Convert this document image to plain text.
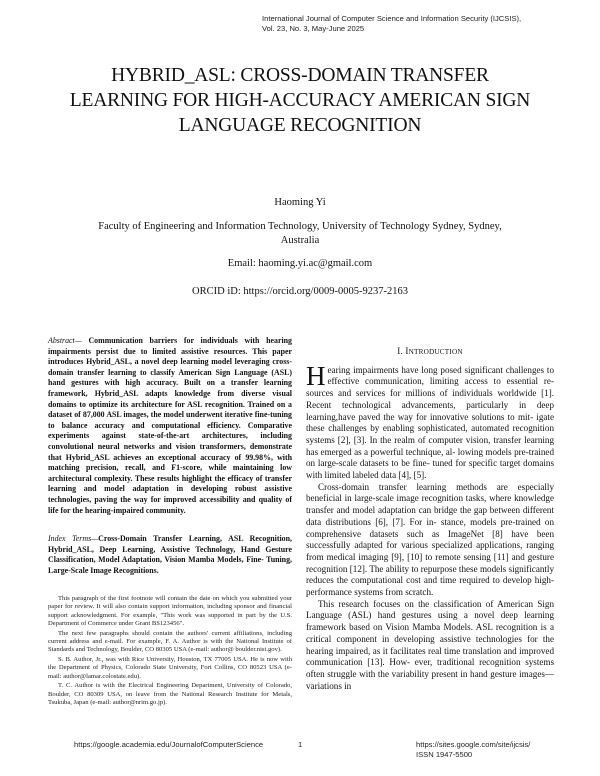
International Journal of Computer Science and Information Security (IJCSIS),
Vol. 23, No. 3, May-June 2025
HYBRID_ASL: CROSS-DOMAIN TRANSFER LEARNING FOR HIGH-ACCURACY AMERICAN SIGN LANGUAGE RECOGNITION
Haoming Yi
Faculty of Engineering and Information Technology, University of Technology Sydney, Sydney, Australia
Email: haoming.yi.ac@gmail.com
ORCID iD: https://orcid.org/0009-0005-9237-2163

Abstract— Communication barriers for individuals with hearing impairments persist due to limited assistive resources. This paper introduces Hybrid_ASL, a novel deep learning model leveraging cross-domain transfer learning to classify American Sign Language (ASL) hand gestures with high accuracy. Built on a transfer learning framework, Hybrid_ASL adapts knowledge from diverse visual domains to optimize its architecture for ASL recognition. Trained on a dataset of 87,000 ASL images, the model underwent iterative fine-tuning to balance accuracy and computational efficiency. Comparative experiments against state-of-the-art architectures, including convolutional neural networks and vision transformers, demonstrate that Hybrid_ASL achieves an exceptional accuracy of 99.98%, with matching precision, recall, and F1-score, while maintaining low architectural complexity. These results highlight the efficacy of transfer learning and model adaptation in developing robust assistive technologies, paving the way for improved accessibility and quality of life for the hearing-impaired community.

Index Terms—Cross-Domain Transfer Learning, ASL Recognition, Hybrid_ASL, Deep Learning, Assistive Technology, Hand Gesture Classification, Model Adaptation, Vision Mamba Models, Fine- Tuning, Large-Scale Image Recognitions.

This paragraph of the first footnote will contain the date on which you submitted your paper for review. It will also contain support information, including sponsor and financial support acknowledgment. For example, "This work was supported in part by the U.S. Department of Commerce under Grant BS123456".

The next few paragraphs should contain the authors' current affiliations, including current address and e-mail. For example, F. A. Author is with the National Institute of Standards and Technology, Boulder, CO 80305 USA (e-mail: author@ boulder.nist.gov).

S. B. Author, Jr., was with Rice University, Houston, TX 77005 USA. He is now with the Department of Physics, Colorado State University, Fort Collins, CO 80523 USA (e-mail: author@lamar.colostate.edu).

T. C. Author is with the Electrical Engineering Department, University of Colorado, Boulder, CO 80309 USA, on leave from the National Research Institute for Metals, Tsukuba, Japan (e-mail: author@nrim.go.jp).

I. INTRODUCTION

Hearing impairments have long posed significant challenges to effective communication, limiting access to essential re- sources and services for millions of individuals worldwide [1]. Recent technological advancements, particularly in deep learning,have paved the way for innovative solutions to mit- igate these challenges by enabling sophisticated, automated recognition systems [2], [3]. In the realm of computer vision, transfer learning has emerged as a powerful technique, al- lowing models pre-trained on large-scale datasets to be fine- tuned for specific target domains with limited labeled data [4], [5].

Cross-domain transfer learning methods are especially beneficial in large-scale image recognition tasks, where knowledge transfer and model adaptation can bridge the gap between different data distributions [6], [7]. For in- stance, models pre-trained on comprehensive datasets such as ImageNet [8] have been successfully adapted for various specialized applications, ranging from medical imaging [9], [10] to remote sensing [11] and gesture recognition [12]. The ability to repurpose these models significantly reduces the computational cost and time required to develop high-performance systems from scratch.

This research focuses on the classification of American Sign Language (ASL) hand gestures using a novel deep learning framework based on Vision Mamba Models. ASL recognition is a critical component in developing assistive technologies for the hearing impaired, as it facilitates real time translation and improved communication [13]. How- ever, traditional recognition systems often struggle with the variability present in hand gesture images—variations in

https://google.academia.edu/JournalofComputerScience	1	https://sites.google.com/site/ijcsis/
ISSN 1947-5500
